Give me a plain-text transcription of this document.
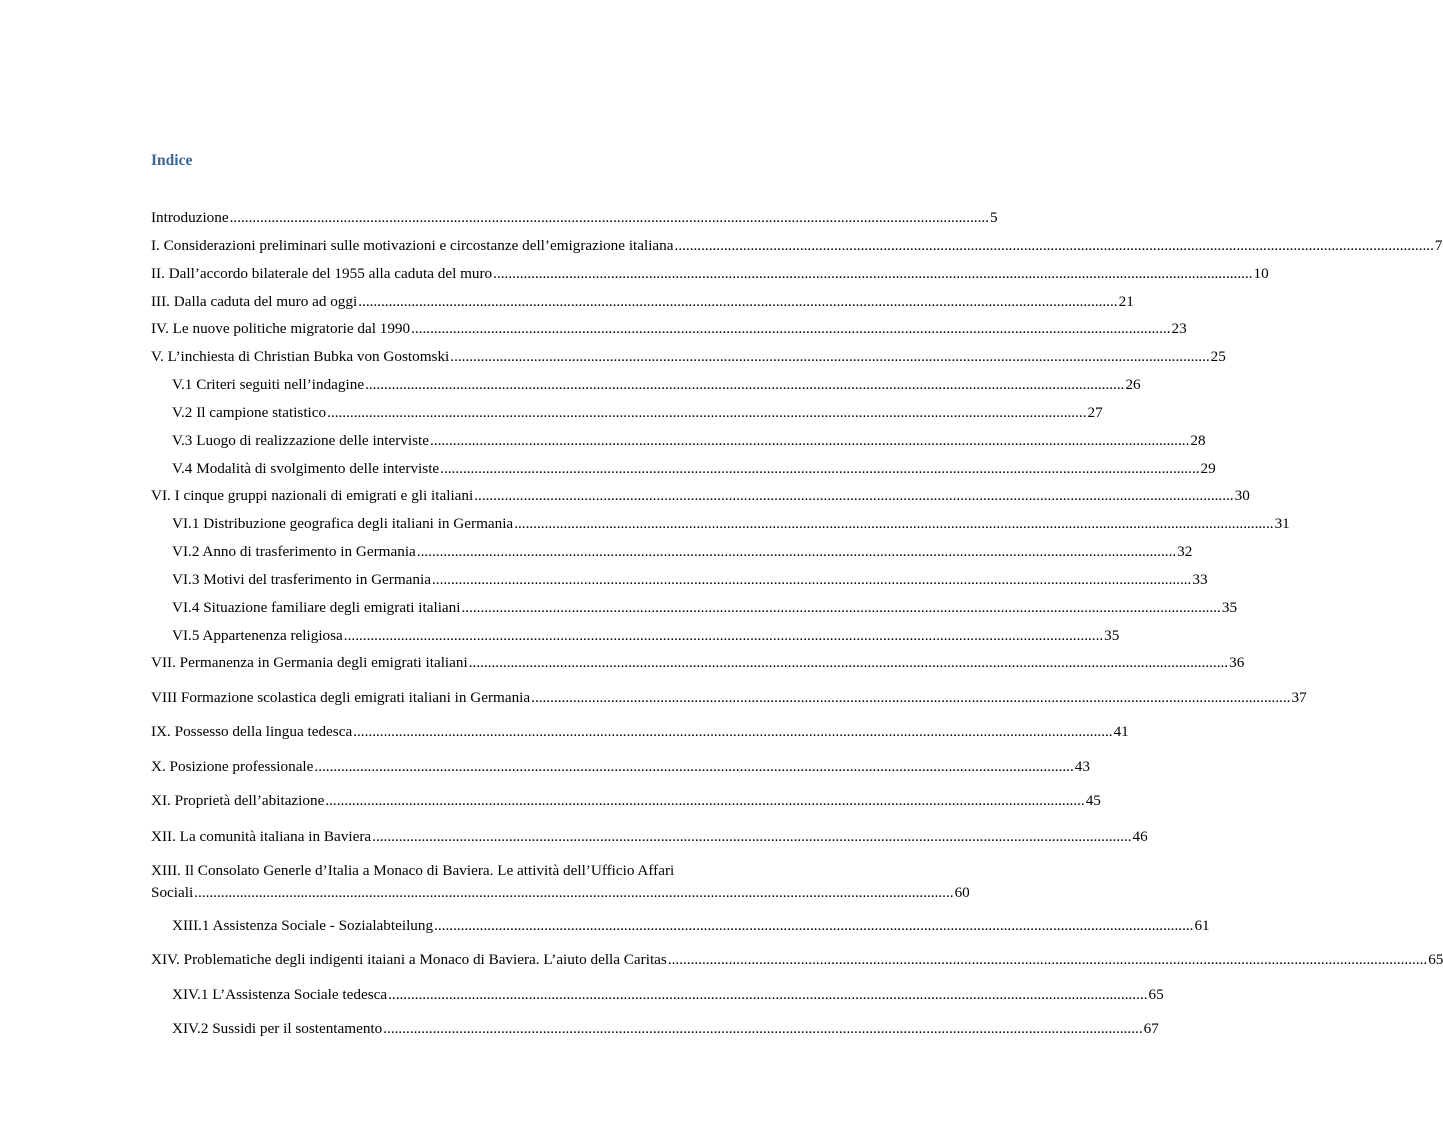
Indice
Introduzione ........................................................................................................................................................................................................ 5
I. Considerazioni preliminari sulle motivazioni e circostanze dell’emigrazione italiana ........................................................................................................................................................................................................ 7
II. Dall’accordo bilaterale del 1955 alla caduta del muro ........................................................................................................................................................................................................ 10
III. Dalla caduta del muro ad oggi ........................................................................................................................................................................................................ 21
IV. Le nuove politiche migratorie dal 1990 ........................................................................................................................................................................................................ 23
V. L’inchiesta di Christian Bubka von Gostomski ........................................................................................................................................................................................................ 25
V.1 Criteri seguiti nell’indagine ........................................................................................................................................................................................................ 26
V.2 Il campione statistico ........................................................................................................................................................................................................ 27
V.3 Luogo di realizzazione delle interviste ........................................................................................................................................................................................................ 28
V.4 Modalità di svolgimento delle interviste ........................................................................................................................................................................................................ 29
VI. I cinque gruppi nazionali di emigrati e gli italiani ........................................................................................................................................................................................................ 30
VI.1 Distribuzione geografica degli italiani in Germania ........................................................................................................................................................................................................ 31
VI.2 Anno di trasferimento in Germania ........................................................................................................................................................................................................ 32
VI.3 Motivi del trasferimento in Germania ........................................................................................................................................................................................................ 33
VI.4 Situazione familiare degli emigrati italiani ........................................................................................................................................................................................................ 35
VI.5 Appartenenza religiosa ........................................................................................................................................................................................................ 35
VII. Permanenza in Germania degli emigrati italiani ........................................................................................................................................................................................................ 36
VIII Formazione scolastica degli emigrati italiani in Germania ........................................................................................................................................................................................................ 37
IX. Possesso della lingua tedesca ........................................................................................................................................................................................................ 41
X. Posizione professionale ........................................................................................................................................................................................................ 43
XI. Proprietà dell’abitazione ........................................................................................................................................................................................................ 45
XII. La comunità italiana in Baviera ........................................................................................................................................................................................................ 46
XIII. Il Consolato Generle d’Italia a Monaco di Baviera. Le attività dell’Ufficio Affari
Sociali ........................................................................................................................................................................................................ 60
XIII.1 Assistenza Sociale - Sozialabteilung ........................................................................................................................................................................................................ 61
XIV. Problematiche degli indigenti itaiani a Monaco di Baviera. L’aiuto della Caritas ........................................................................................................................................................................................................ 65
XIV.1 L’Assistenza Sociale tedesca ........................................................................................................................................................................................................ 65
XIV.2 Sussidi per il sostentamento ........................................................................................................................................................................................................ 67
